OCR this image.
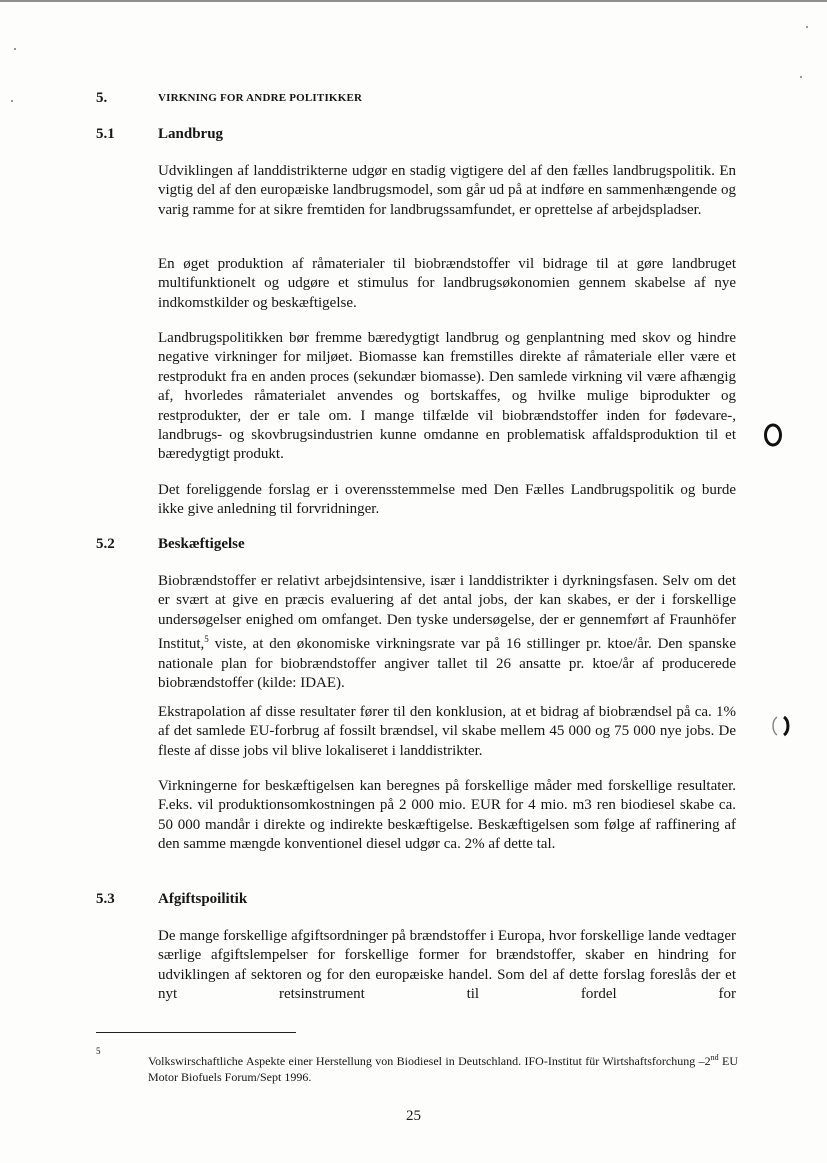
5.	VIRKNING FOR ANDRE POLITIKKER
5.1	Landbrug

Udviklingen af landdistrikterne udgør en stadig vigtigere del af den fælles landbrugspolitik. En vigtig del af den europæiske landbrugsmodel, som går ud på at indføre en sammenhængende og varig ramme for at sikre fremtiden for landbrugssamfundet, er oprettelse af arbejdspladser.

En øget produktion af råmaterialer til biobrændstoffer vil bidrage til at gøre landbruget multifunktionelt og udgøre et stimulus for landbrugsøkonomien gennem skabelse af nye indkomstkilder og beskæftigelse.

Landbrugspolitikken bør fremme bæredygtigt landbrug og genplantning med skov og hindre negative virkninger for miljøet. Biomasse kan fremstilles direkte af råmateriale eller være et restprodukt fra en anden proces (sekundær biomasse). Den samlede virkning vil være afhængig af, hvorledes råmaterialet anvendes og bortskaffes, og hvilke mulige biprodukter og restprodukter, der er tale om. I mange tilfælde vil biobrændstoffer inden for fødevare-, landbrugs- og skovbrugsindustrien kunne omdanne en problematisk affaldsproduktion til et bæredygtigt produkt.

Det foreliggende forslag er i overensstemmelse med Den Fælles Landbrugspolitik og burde ikke give anledning til forvridninger.

5.2	Beskæftigelse

Biobrændstoffer er relativt arbejdsintensive, især i landdistrikter i dyrkningsfasen. Selv om det er svært at give en præcis evaluering af det antal jobs, der kan skabes, er der i forskellige undersøgelser enighed om omfanget. Den tyske undersøgelse, der er gennemført af Fraunhöfer Institut,$^5$ viste, at den økonomiske virkningsrate var på 16 stillinger pr. ktoe/år. Den spanske nationale plan for biobrændstoffer angiver tallet til 26 ansatte pr. ktoe/år af producerede biobrændstoffer (kilde: IDAE).

Ekstrapolation af disse resultater fører til den konklusion, at et bidrag af biobrændsel på ca. 1% af det samlede EU-forbrug af fossilt brændsel, vil skabe mellem 45 000 og 75 000 nye jobs. De fleste af disse jobs vil blive lokaliseret i landdistrikter.

Virkningerne for beskæftigelsen kan beregnes på forskellige måder med forskellige resultater. F.eks. vil produktionsomkostningen på 2 000 mio. EUR for 4 mio. m3 ren biodiesel skabe ca. 50 000 mandår i direkte og indirekte beskæftigelse. Beskæftigelsen som følge af raffinering af den samme mængde konventionel diesel udgør ca. 2% af dette tal.

5.3	Afgiftspoilitik

De mange forskellige afgiftsordninger på brændstoffer i Europa, hvor forskellige lande vedtager særlige afgiftslempelser for forskellige former for brændstoffer, skaber en hindring for udviklingen af sektoren og for den europæiske handel. Som del af dette forslag foreslås der et nyt retsinstrument til fordel for

5

Volkswirschaftliche Aspekte einer Herstellung von Biodiesel in Deutschland. IFO-Institut für Wirtshaftsforchung –2nd EU Motor Biofuels Forum/Sept 1996.

25
